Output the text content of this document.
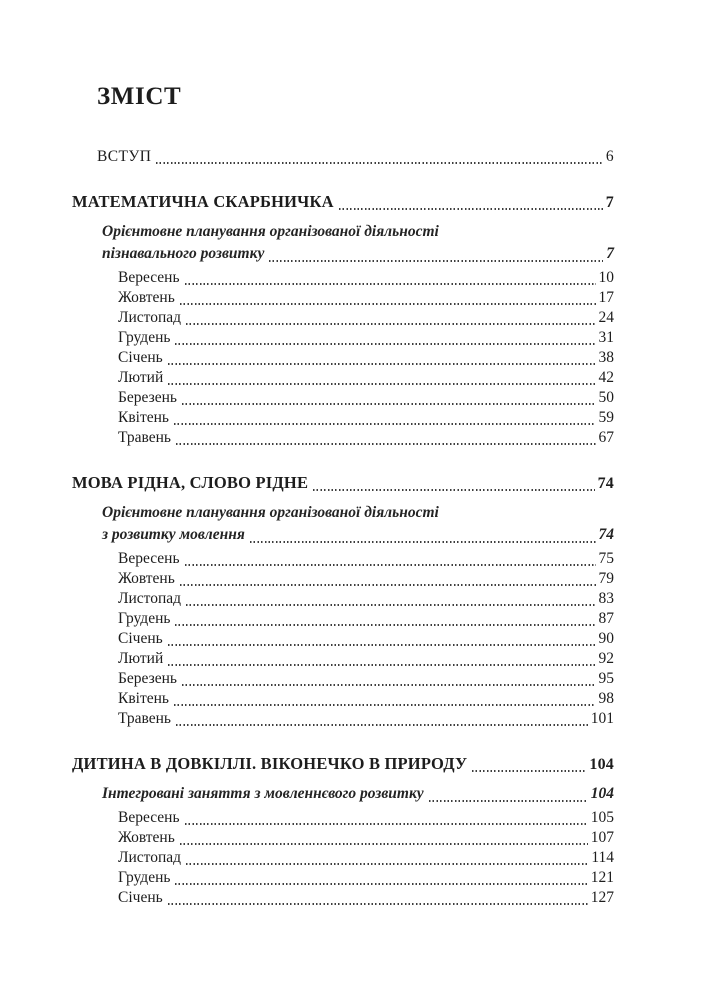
ЗМІСТ
ВСТУП	6
МАТЕМАТИЧНА СКАРБНИЧКА	7
Орієнтовне планування організованої діяльності
пізнавального розвитку	7
Вересень	10
Жовтень	17
Листопад	24
Грудень	31
Січень	38
Лютий	42
Березень	50
Квітень	59
Травень	67
МОВА РІДНА, СЛОВО РІДНЕ	74
Орієнтовне планування організованої діяльності
з розвитку мовлення	74
Вересень	75
Жовтень	79
Листопад	83
Грудень	87
Січень	90
Лютий	92
Березень	95
Квітень	98
Травень	101
ДИТИНА В ДОВКІЛЛІ. ВІКОНЕЧКО В ПРИРОДУ	104
Інтегровані заняття з мовленнєвого розвитку	104
Вересень	105
Жовтень	107
Листопад	114
Грудень	121
Січень	127
